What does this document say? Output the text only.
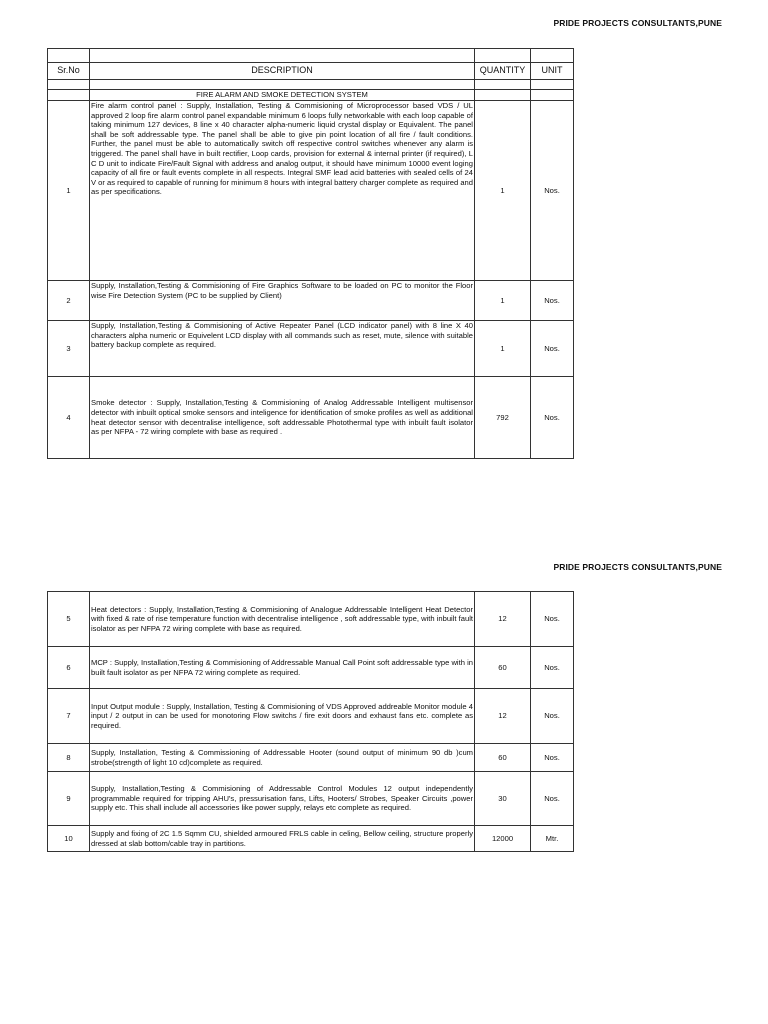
PRIDE PROJECTS CONSULTANTS,PUNE

Sr.No	DESCRIPTION	QUANTITY	UNIT

	FIRE ALARM AND SMOKE DETECTION SYSTEM		
1	Fire alarm control panel : Supply, Installation, Testing & Commisioning of Microprocessor based VDS / UL approved 2 loop fire alarm control panel expandable minimum 6 loops fully networkable with each loop capable of taking minimum 127 devices, 8 line x 40 character alpha-numeric liquid crystal display or Equivalent. The panel shall be soft addressable type. The panel shall be able to give pin point location of all fire / fault conditions. Further, the panel must be able to automatically switch off respective control switches whenever any alarm is triggered. The panel shall have in built rectifier, Loop cards, provision for external & internal printer (if required), L C D unit to indicate Fire/Fault Signal with address and analog output, it should have minimum 10000 event loging capacity of all fire or fault events complete in all respects. Integral SMF lead acid batteries with sealed cells of 24 V or as required to capable of running for minimum 8 hours with integral battery charger complete as required and as per specifications.	1	Nos.
2	Supply, Installation,Testing & Commisioning of Fire Graphics Software to be loaded on PC to monitor the Floor wise Fire Detection System (PC to be supplied by Client)	1	Nos.
3	Supply, Installation,Testing & Commisioning of Active Repeater Panel (LCD indicator panel) with 8 line X 40 characters alpha numeric or Equivelent LCD display with all commands such as reset, mute, silence with suitable battery backup complete as required.	1	Nos.
4	Smoke detector : Supply, Installation,Testing & Commisioning of Analog Addressable Intelligent multisensor detector with inbuilt optical smoke sensors and inteligence for identification of smoke profiles as well as additional heat detector sensor with decentralise intelligence, soft addressable Photothermal type with inbuilt fault isolator as per NFPA - 72 wiring complete with base as required .	792	Nos.
PRIDE PROJECTS CONSULTANTS,PUNE
5	Heat detectors : Supply, Installation,Testing & Commisioning of Analogue Addressable Intelligent Heat Detector with fixed & rate of rise temperature function with decentralise intelligence , soft addressable type, with inbuilt fault isolator as per NFPA 72 wiring complete with base as required.	12	Nos.
6	MCP : Supply, Installation,Testing & Commisioning of Addressable Manual Call Point soft addressable type with in built fault isolator as per NFPA 72 wiring complete as required.	60	Nos.
7	Input Output module : Supply, Installation, Testing & Commisioning of VDS Approved addreable Monitor module 4 input / 2 output in can be used for monotoring Flow switchs / fire exit doors and exhaust fans etc. complete as required.	12	Nos.
8	Supply, Installation, Testing & Commissioning of Addressable Hooter (sound output of minimum 90 db )cum strobe(strength of light 10 cd)complete as required.	60	Nos.
9	Supply, Installation,Testing & Commisioning of Addressable Control Modules 12 output independently programmable required for tripping AHU's, pressurisation fans, Lifts, Hooters/ Strobes, Speaker Circuits ,power supply etc. This shall include all accessories like power supply, relays etc complete as required.	30	Nos.
10	Supply and fixing of 2C 1.5 Sqmm CU, shielded armoured FRLS cable in celing, Bellow ceiling, structure properly dressed at slab bottom/cable tray in partitions.	12000	Mtr.
